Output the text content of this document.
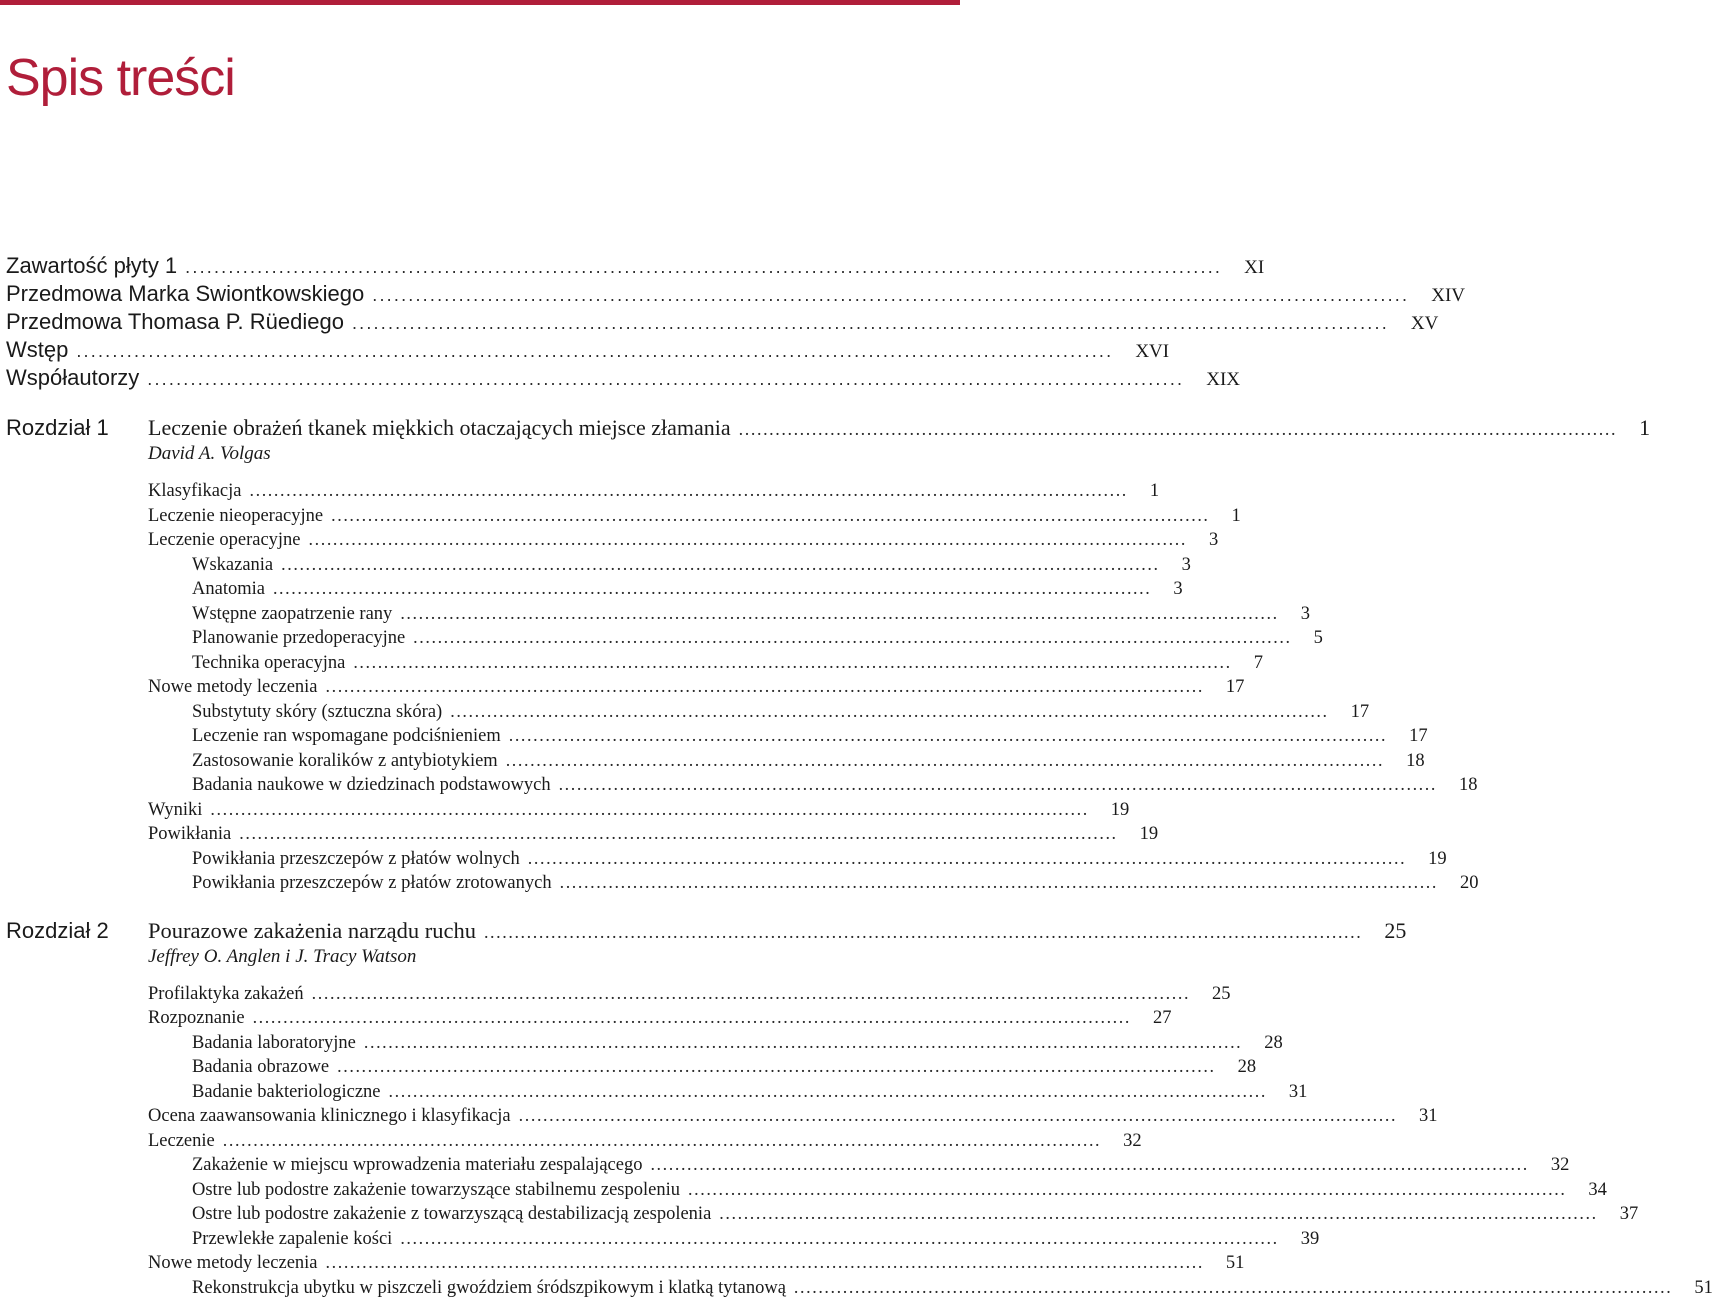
Spis treści
Zawartość płyty 1 ................................................................................................................................................ XI
Przedmowa Marka Swiontkowskiego ................................................................................................................................................ XIV
Przedmowa Thomasa P. Rüediego ................................................................................................................................................ XV
Wstęp ................................................................................................................................................ XVI
Współautorzy ................................................................................................................................................ XIX
Rozdział 1 Leczenie obrażeń tkanek miękkich otaczających miejsce złamania ................................................................................................................................................ 1
David A. Volgas
Klasyfikacja ................................................................................................................................................ 1
Leczenie nieoperacyjne ................................................................................................................................................ 1
Leczenie operacyjne ................................................................................................................................................ 3
Wskazania ................................................................................................................................................ 3
Anatomia ................................................................................................................................................ 3
Wstępne zaopatrzenie rany ................................................................................................................................................ 3
Planowanie przedoperacyjne ................................................................................................................................................ 5
Technika operacyjna ................................................................................................................................................ 7
Nowe metody leczenia ................................................................................................................................................ 17
Substytuty skóry (sztuczna skóra) ................................................................................................................................................ 17
Leczenie ran wspomagane podciśnieniem ................................................................................................................................................ 17
Zastosowanie koralików z antybiotykiem ................................................................................................................................................ 18
Badania naukowe w dziedzinach podstawowych ................................................................................................................................................ 18
Wyniki ................................................................................................................................................ 19
Powikłania ................................................................................................................................................ 19
Powikłania przeszczepów z płatów wolnych ................................................................................................................................................ 19
Powikłania przeszczepów z płatów zrotowanych ................................................................................................................................................ 20
Rozdział 2 Pourazowe zakażenia narządu ruchu ................................................................................................................................................ 25
Jeffrey O. Anglen i J. Tracy Watson
Profilaktyka zakażeń ................................................................................................................................................ 25
Rozpoznanie ................................................................................................................................................ 27
Badania laboratoryjne ................................................................................................................................................ 28
Badania obrazowe ................................................................................................................................................ 28
Badanie bakteriologiczne ................................................................................................................................................ 31
Ocena zaawansowania klinicznego i klasyfikacja ................................................................................................................................................ 31
Leczenie ................................................................................................................................................ 32
Zakażenie w miejscu wprowadzenia materiału zespalającego ................................................................................................................................................ 32
Ostre lub podostre zakażenie towarzyszące stabilnemu zespoleniu ................................................................................................................................................ 34
Ostre lub podostre zakażenie z towarzyszącą destabilizacją zespolenia ................................................................................................................................................ 37
Przewlekłe zapalenie kości ................................................................................................................................................ 39
Nowe metody leczenia ................................................................................................................................................ 51
Rekonstrukcja ubytku w piszczeli gwoździem śródszpikowym i klatką tytanową ................................................................................................................................................ 51
